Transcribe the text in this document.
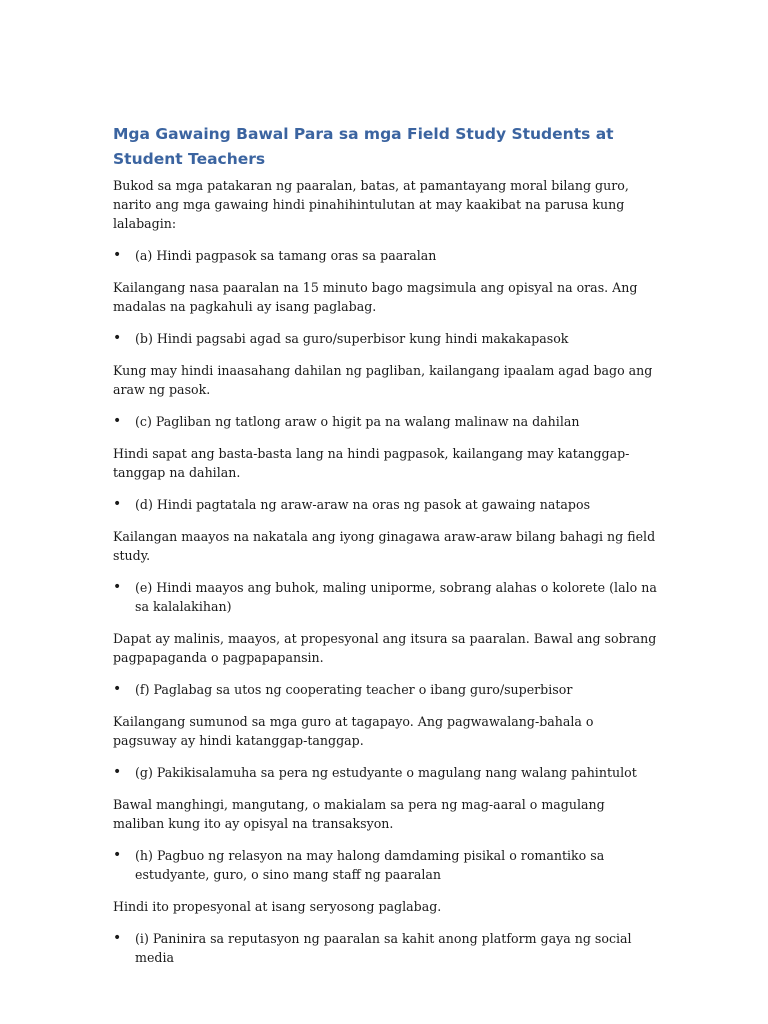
Mga Gawaing Bawal Para sa mga Field Study Students at Student Teachers

Bukod sa mga patakaran ng paaralan, batas, at pamantayang moral bilang guro, narito ang mga gawaing hindi pinahihintulutan at may kaakibat na parusa kung lalabagin:

•	(a) Hindi pagpasok sa tamang oras sa paaralan

Kailangang nasa paaralan na 15 minuto bago magsimula ang opisyal na oras. Ang madalas na pagkahuli ay isang paglabag.

•	(b) Hindi pagsabi agad sa guro/superbisor kung hindi makakapasok

Kung may hindi inaasahang dahilan ng pagliban, kailangang ipaalam agad bago ang araw ng pasok.

•	(c) Pagliban ng tatlong araw o higit pa na walang malinaw na dahilan

Hindi sapat ang basta-basta lang na hindi pagpasok, kailangang may katanggap-tanggap na dahilan.

•	(d) Hindi pagtatala ng araw-araw na oras ng pasok at gawaing natapos

Kailangan maayos na nakatala ang iyong ginagawa araw-araw bilang bahagi ng field study.

•	(e) Hindi maayos ang buhok, maling uniporme, sobrang alahas o kolorete (lalo na sa kalalakihan)

Dapat ay malinis, maayos, at propesyonal ang itsura sa paaralan. Bawal ang sobrang pagpapaganda o pagpapapansin.

•	(f) Paglabag sa utos ng cooperating teacher o ibang guro/superbisor

Kailangang sumunod sa mga guro at tagapayo. Ang pagwawalang-bahala o pagsuway ay hindi katanggap-tanggap.

•	(g) Pakikisalamuha sa pera ng estudyante o magulang nang walang pahintulot

Bawal manghingi, mangutang, o makialam sa pera ng mag-aaral o magulang maliban kung ito ay opisyal na transaksyon.

•	(h) Pagbuo ng relasyon na may halong damdaming pisikal o romantiko sa estudyante, guro, o sino mang staff ng paaralan

Hindi ito propesyonal at isang seryosong paglabag.

•	(i) Paninira sa reputasyon ng paaralan sa kahit anong platform gaya ng social media
